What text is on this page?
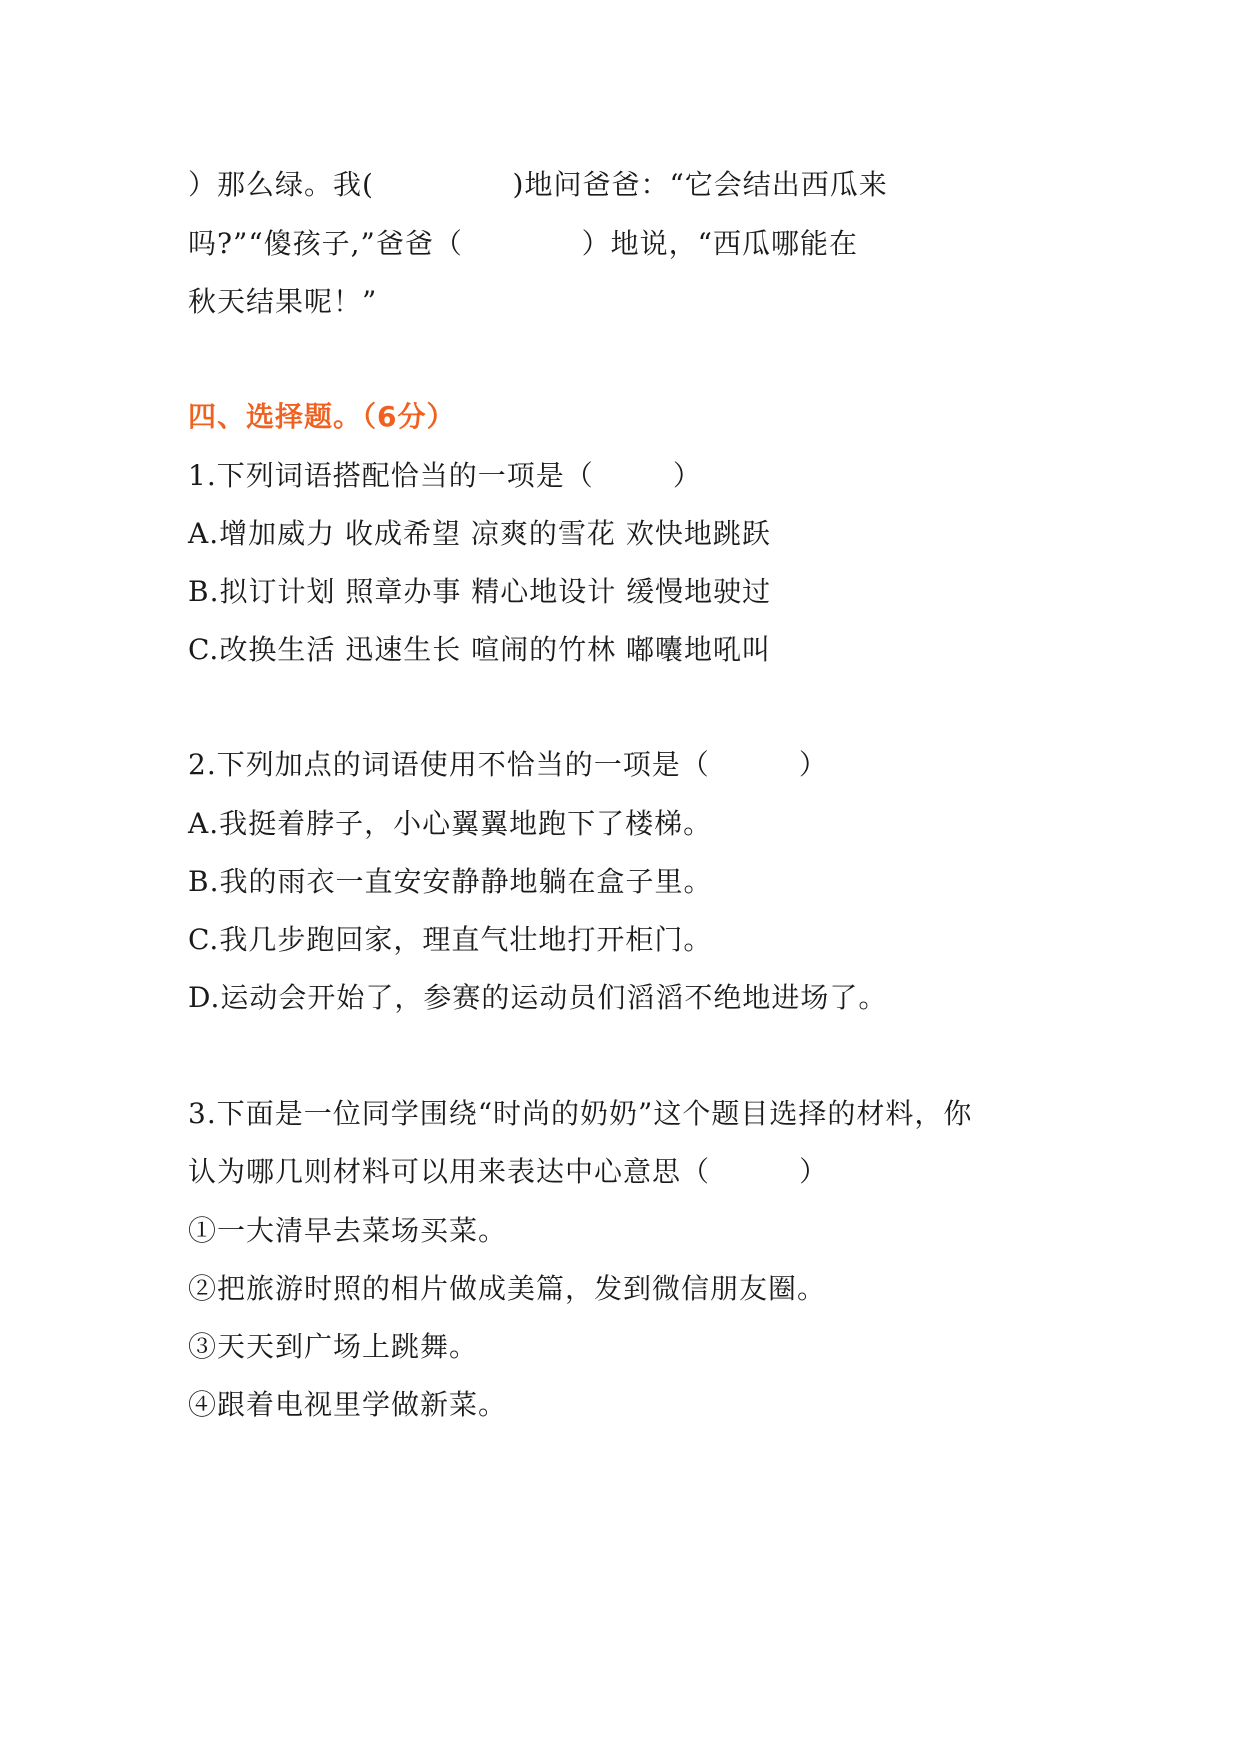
）那么绿。我(              )地问爸爸：“它会结出西瓜来
吗?”“傻孩子,”爸爸（            ）地说，“西瓜哪能在
秋天结果呢！”
四、选择题。（6分）
1.下列词语搭配恰当的一项是（        ）
A.增加威力 收成希望 凉爽的雪花 欢快地跳跃
B.拟订计划 照章办事 精心地设计 缓慢地驶过
C.改换生活 迅速生长 喧闹的竹林 嘟囔地吼叫
2.下列加点的词语使用不恰当的一项是（         ）
A.我挺着脖子，小心翼翼地跑下了楼梯。
B.我的雨衣一直安安静静地躺在盒子里。
C.我几步跑回家，理直气壮地打开柜门。
D.运动会开始了，参赛的运动员们滔滔不绝地进场了。
3.下面是一位同学围绕“时尚的奶奶”这个题目选择的材料，你
认为哪几则材料可以用来表达中心意思（         ）
①一大清早去菜场买菜。
②把旅游时照的相片做成美篇，发到微信朋友圈。
③天天到广场上跳舞。
④跟着电视里学做新菜。
